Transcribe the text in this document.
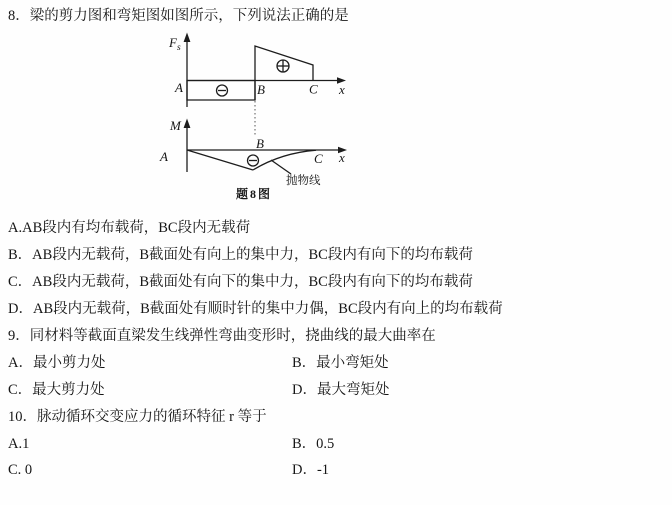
8．梁的剪力图和弯矩图如图所示，下列说法正确的是
$F_s$
A	B	C x
M
A
B
C x
抛物线
题8图
A.AB段内有均布载荷，BC段内无载荷
B．AB段内无载荷，B截面处有向上的集中力，BC段内有向下的均布载荷
C．AB段内无载荷，B截面处有向下的集中力，BC段内有向下的均布载荷
D．AB段内无载荷，B截面处有顺时针的集中力偶，BC段内有向上的均布载荷
9．同材料等截面直梁发生线弹性弯曲变形时，挠曲线的最大曲率在
A．最小剪力处	B．最小弯矩处
C．最大剪力处	D．最大弯矩处
10．脉动循环交变应力的循环特征 r 等于
A.1	B．0.5
C. 0	D．-1
